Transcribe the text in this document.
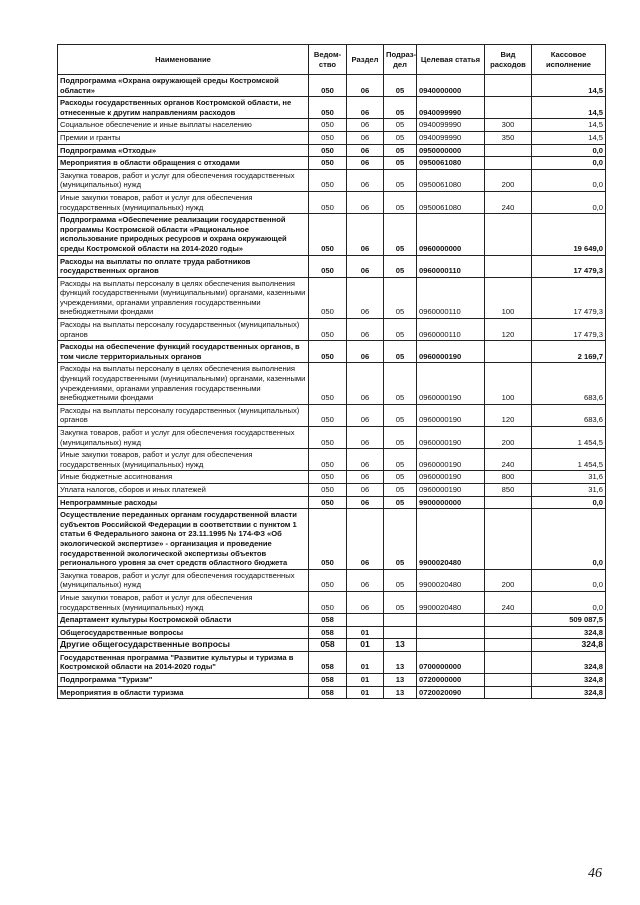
Наименование	Ведом-ство	Раздел	Подраз-дел	Целевая статья	Вид расходов	Кассовое исполнение
Подпрограмма «Охрана окружающей среды Костромской области»	050	06	05	0940000000		14,5
Расходы государственных органов Костромской области, не отнесенные к другим направлениям расходов	050	06	05	0940099990		14,5
Социальное обеспечение и иные выплаты населению	050	06	05	0940099990	300	14,5
Премии и гранты	050	06	05	0940099990	350	14,5
Подпрограмма «Отходы»	050	06	05	0950000000		0,0
Мероприятия в области обращения с отходами	050	06	05	0950061080		0,0
Закупка товаров, работ и услуг для обеспечения государственных (муниципальных) нужд	050	06	05	0950061080	200	0,0
Иные закупки товаров, работ и услуг для обеспечения государственных (муниципальных) нужд	050	06	05	0950061080	240	0,0
Подпрограмма «Обеспечение реализации государственной программы Костромской области «Рациональное использование природных ресурсов и охрана окружающей среды Костромской области на 2014-2020 годы»	050	06	05	0960000000		19 649,0
Расходы на выплаты по оплате труда работников государственных органов	050	06	05	0960000110		17 479,3
Расходы на выплаты персоналу в целях обеспечения выполнения функций государственными (муниципальными) органами, казенными учреждениями, органами управления государственными внебюджетными фондами	050	06	05	0960000110	100	17 479,3
Расходы на выплаты персоналу государственных (муниципальных) органов	050	06	05	0960000110	120	17 479,3
Расходы на обеспечение функций государственных органов, в том числе территориальных органов	050	06	05	0960000190		2 169,7
Расходы на выплаты персоналу в целях обеспечения выполнения функций государственными (муниципальными) органами, казенными учреждениями, органами управления государственными внебюджетными фондами	050	06	05	0960000190	100	683,6
Расходы на выплаты персоналу государственных (муниципальных) органов	050	06	05	0960000190	120	683,6
Закупка товаров, работ и услуг для обеспечения государственных (муниципальных) нужд	050	06	05	0960000190	200	1 454,5
Иные закупки товаров, работ и услуг для обеспечения государственных (муниципальных) нужд	050	06	05	0960000190	240	1 454,5
Иные бюджетные ассигнования	050	06	05	0960000190	800	31,6
Уплата налогов, сборов и иных платежей	050	06	05	0960000190	850	31,6
Непрограммные расходы	050	06	05	9900000000		0,0
Осуществление переданных органам государственной власти субъектов Российской Федерации в соответствии с пунктом 1 статьи 6 Федерального закона от 23.11.1995 № 174-ФЗ «Об экологической экспертизе» - организация и проведение государственной экологической экспертизы объектов регионального уровня за счет средств областного бюджета	050	06	05	9900020480		0,0
Закупка товаров, работ и услуг для обеспечения государственных (муниципальных) нужд	050	06	05	9900020480	200	0,0
Иные закупки товаров, работ и услуг для обеспечения государственных (муниципальных) нужд	050	06	05	9900020480	240	0,0
Департамент культуры Костромской области	058					509 087,5
Общегосударственные вопросы	058	01				324,8
Другие общегосударственные вопросы	058	01	13			324,8
Государственная программа "Развитие культуры и туризма в Костромской области на 2014-2020 годы"	058	01	13	0700000000		324,8
Подпрограмма "Туризм"	058	01	13	0720000000		324,8
Мероприятия в области туризма	058	01	13	0720020090		324,8
46
